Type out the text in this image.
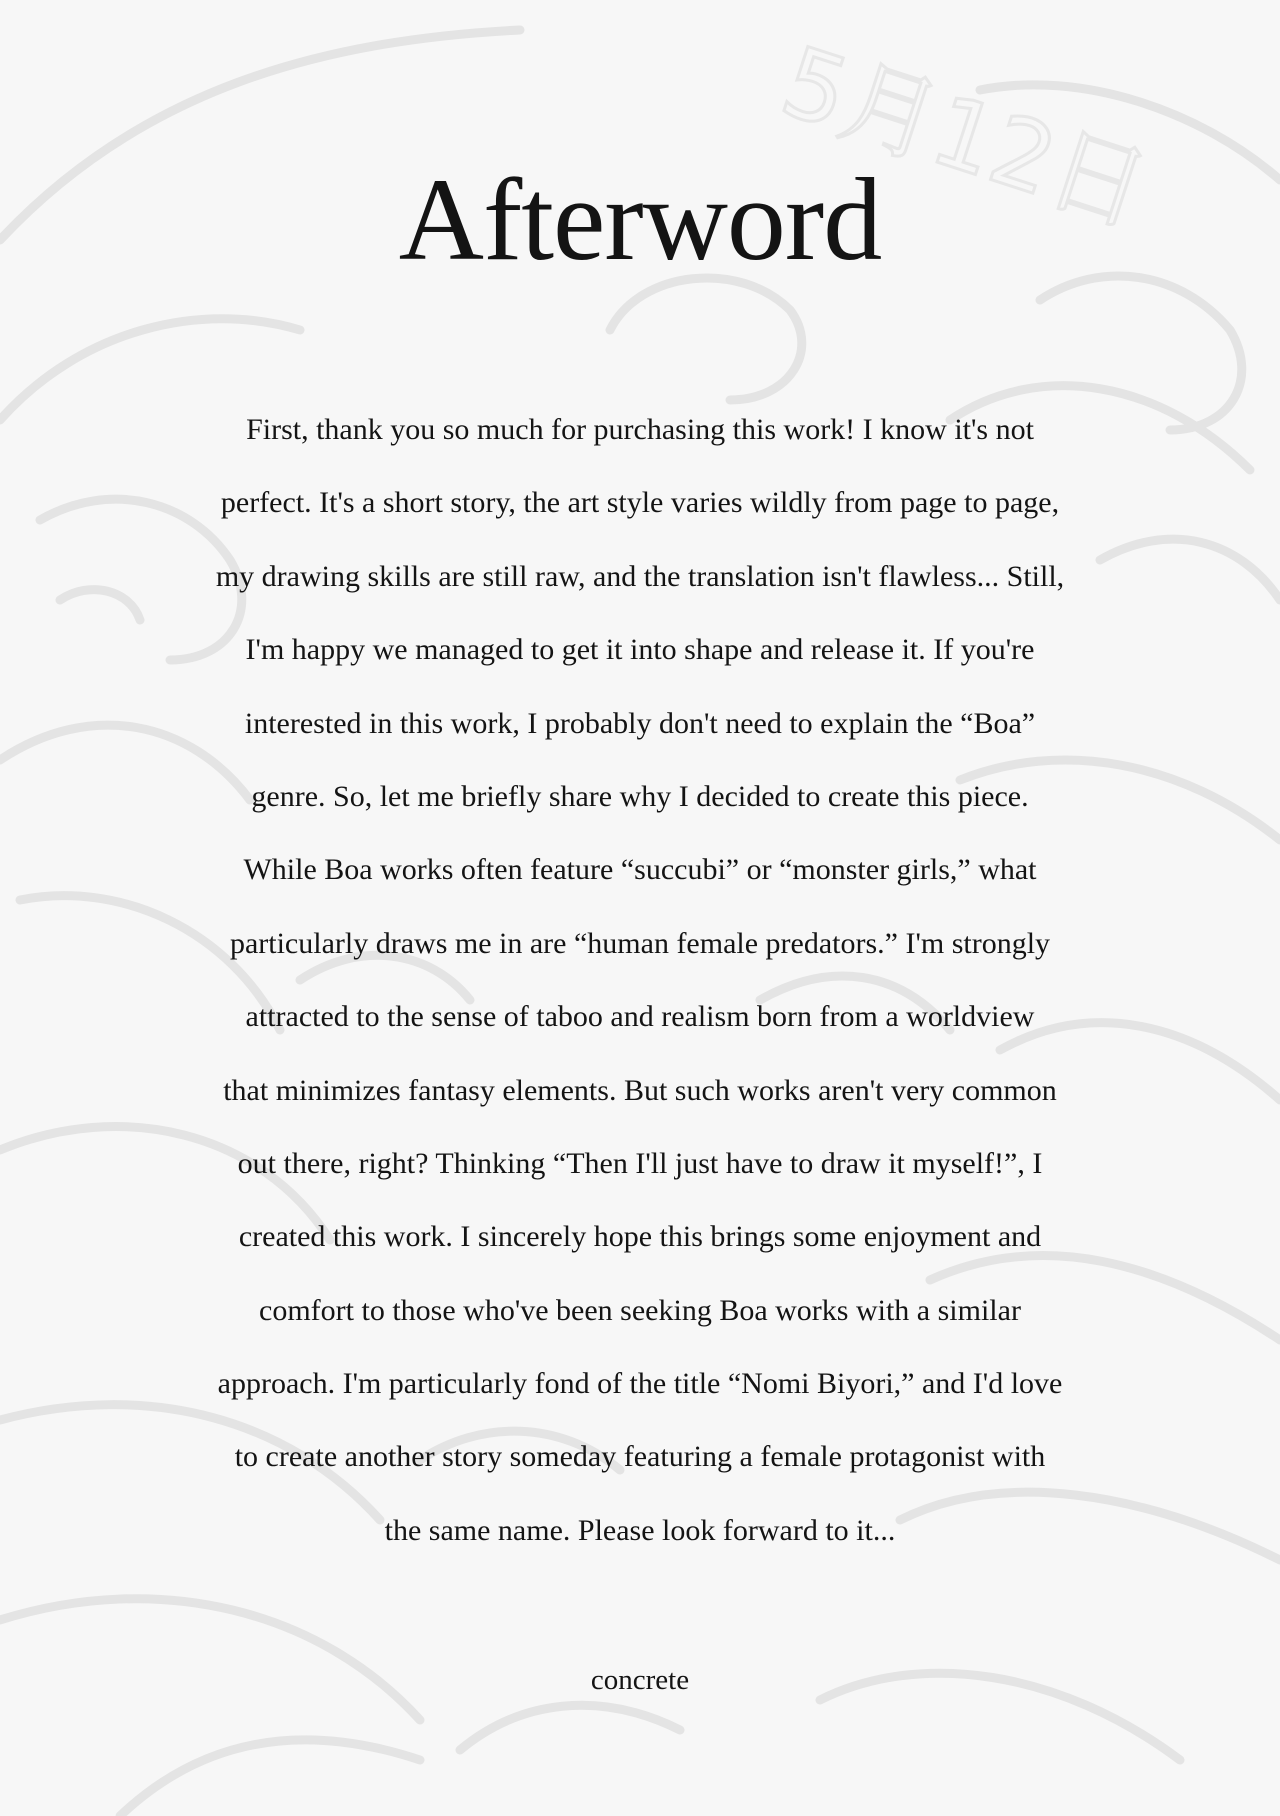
5月12日
Afterword
First, thank you so much for purchasing this work! I know it's not
perfect. It's a short story, the art style varies wildly from page to page,
my drawing skills are still raw, and the translation isn't flawless... Still,
I'm happy we managed to get it into shape and release it. If you're
interested in this work, I probably don't need to explain the “Boa”
genre. So, let me briefly share why I decided to create this piece.
While Boa works often feature “succubi” or “monster girls,” what
particularly draws me in are “human female predators.” I'm strongly
attracted to the sense of taboo and realism born from a worldview
that minimizes fantasy elements. But such works aren't very common
out there, right? Thinking “Then I'll just have to draw it myself!”, I
created this work. I sincerely hope this brings some enjoyment and
comfort to those who've been seeking Boa works with a similar
approach. I'm particularly fond of the title “Nomi Biyori,” and I'd love
to create another story someday featuring a female protagonist with
the same name. Please look forward to it...
concrete
